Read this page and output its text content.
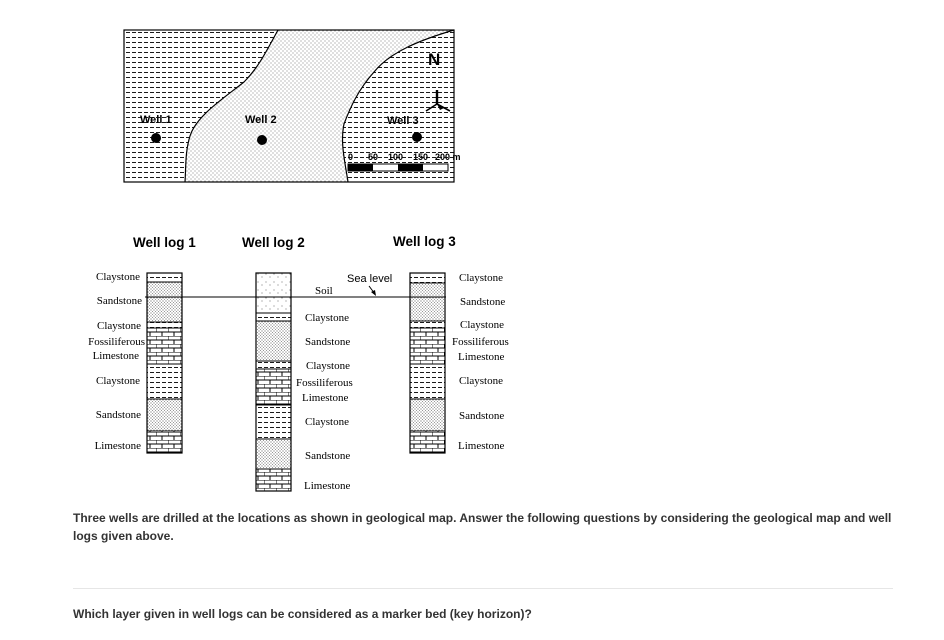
Well 1	Well 2	Well 3
N
0 50 100 150 200 m
Well log 1	Well log 2	Well log 3
Sea level
Claystone
Sandstone
Claystone
Fossiliferous
Limestone
Claystone
Sandstone
Limestone
Soil
Claystone
Sandstone
Claystone
Fossiliferous
Limestone
Claystone
Sandstone
Limestone
Claystone
Sandstone
Claystone
Fossiliferous
Limestone
Claystone
Sandstone
Limestone

Three wells are drilled at the locations as shown in geological map. Answer the following questions by considering the geological map and well logs given above.

Which layer given in well logs can be considered as a marker bed (key horizon)?
